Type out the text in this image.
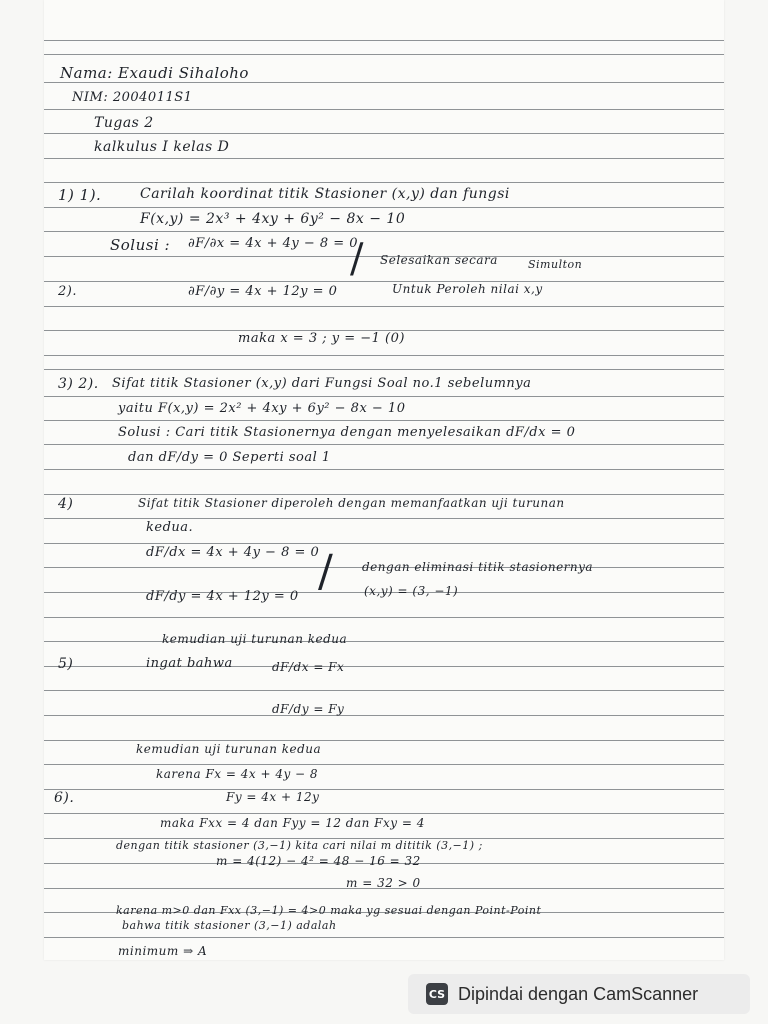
Nama: Exaudi Sihaloho
NIM: 2004011S1
Tugas 2
kalkulus I kelas D
1) 1).	Carilah koordinat titik Stasioner (x,y) dan fungsi
F(x,y) = 2x³ + 4xy + 6y² − 8x − 10
Solusi : ∂F/∂x = 4x + 4y − 8 = 0
/ Selesaikan secara	Simulton
2).	∂F/∂y = 4x + 12y = 0	Untuk Peroleh nilai x,y
maka x = 3 ; y = −1 (0)
3) 2). Sifat titik Stasioner (x,y) dari Fungsi Soal no.1 sebelumnya
yaitu F(x,y) = 2x² + 4xy + 6y² − 8x − 10
Solusi : Cari titik Stasionernya dengan menyelesaikan dF/dx = 0
dan dF/dy = 0 Seperti soal 1
4)	Sifat titik Stasioner diperoleh dengan memanfaatkan uji turunan
kedua.
dF/dx = 4x + 4y − 8 = 0
/ dengan eliminasi titik stasionernya
(x,y) = (3, −1)
dF/dy = 4x + 12y = 0
kemudian uji turunan kedua
5)	ingat bahwa	dF/dx = Fx
dF/dy = Fy
kemudian uji turunan kedua
karena Fx = 4x + 4y − 8
6).	Fy = 4x + 12y
maka Fxx = 4 dan Fyy = 12 dan Fxy = 4
dengan titik stasioner (3,−1) kita cari nilai m dititik (3,−1) ;
m = 4(12) − 4² = 48 − 16 = 32
m = 32 > 0
karena m>0 dan Fxx (3,−1) = 4>0 maka yg sesuai dengan Point-Point
bahwa titik stasioner (3,−1) adalah
minimum ⇒ A
CS Dipindai dengan CamScanner
